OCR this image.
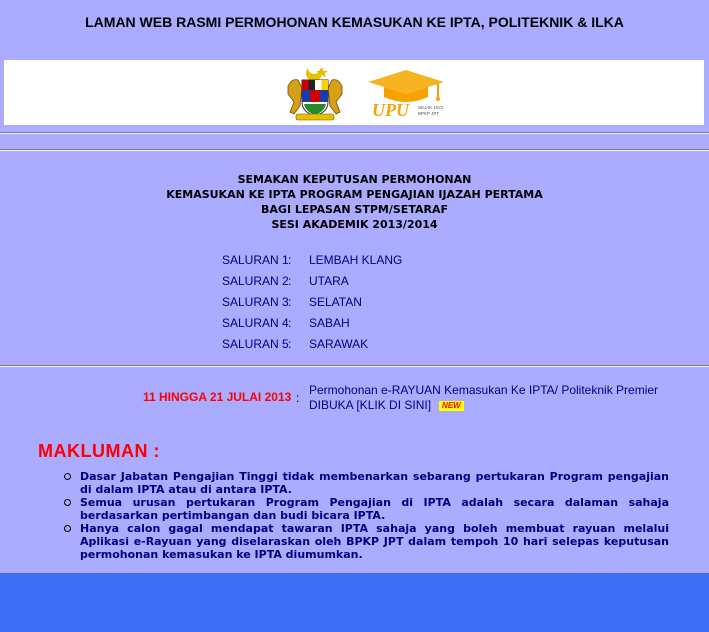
LAMAN WEB RASMI PERMOHONAN KEMASUKAN KE IPTA, POLITEKNIK & ILKA
UPU SEJAK 1972
BPKP JPT
SEMAKAN KEPUTUSAN PERMOHONAN
KEMASUKAN KE IPTA PROGRAM PENGAJIAN IJAZAH PERTAMA
BAGI LEPASAN STPM/SETARAF
SESI AKADEMIK 2013/2014
SALURAN 1: LEMBAH KLANG
SALURAN 2: UTARA
SALURAN 3: SELATAN
SALURAN 4: SABAH
SALURAN 5: SARAWAK
11 HINGGA 21 JULAI 2013 :
Permohonan e-RAYUAN Kemasukan Ke IPTA/ Politeknik Premier
DIBUKA [KLIK DI SINI] NEW
MAKLUMAN :
Dasar Jabatan Pengajian Tinggi tidak membenarkan sebarang pertukaran Program pengajian di dalam IPTA atau di antara IPTA.
Semua urusan pertukaran Program Pengajian di IPTA adalah secara dalaman sahaja berdasarkan pertimbangan dan budi bicara IPTA.
Hanya calon gagal mendapat tawaran IPTA sahaja yang boleh membuat rayuan melalui Aplikasi e-Rayuan yang diselaraskan oleh BPKP JPT dalam tempoh 10 hari selepas keputusan permohonan kemasukan ke IPTA diumumkan.
